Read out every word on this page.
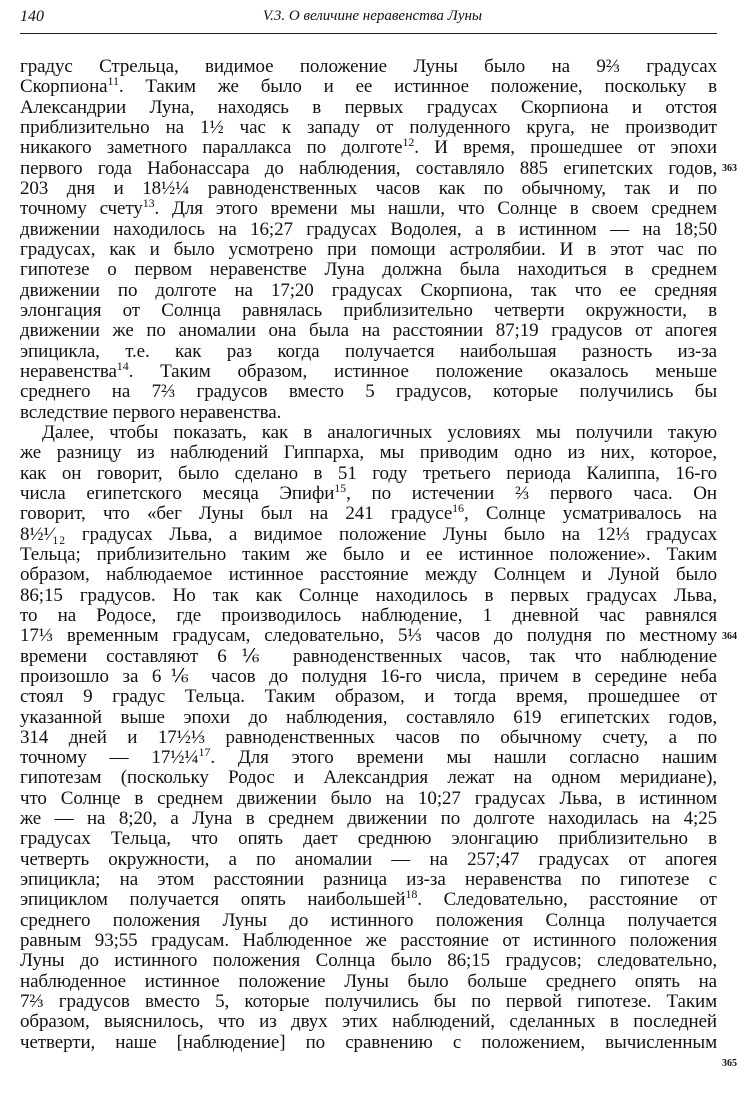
140	V.3. О величине неравенства Луны
градус Стрельца, видимое положение Луны было на 9⅔ градусах
Скорпиона$^{11}$. Таким же было и ее истинное положение, поскольку в
Александрии Луна, находясь в первых градусах Скорпиона и отстоя
приблизительно на 1½ час к западу от полуденного круга, не производит
никакого заметного параллакса по долготе$^{12}$. И время, прошедшее от эпохи
первого года Набонассара до наблюдения, составляло 885 египетских годов,
203 дня и 18½¼ равноденственных часов как по обычному, так и по
точному счету$^{13}$. Для этого времени мы нашли, что Солнце в своем среднем
движении находилось на 16;27 градусах Водолея, а в истинном — на 18;50
градусах, как и было усмотрено при помощи астролябии. И в этот час по
гипотезе о первом неравенстве Луна должна была находиться в среднем
движении по долготе на 17;20 градусах Скорпиона, так что ее средняя
элонгация от Солнца равнялась приблизительно четверти окружности, в
движении же по аномалии она была на расстоянии 87;19 градусов от апогея
эпицикла, т.е. как раз когда получается наибольшая разность из-за
неравенства$^{14}$. Таким образом, истинное положение оказалось меньше
среднего на 7⅔ градусов вместо 5 градусов, которые получились бы
вследствие первого неравенства.
Далее, чтобы показать, как в аналогичных условиях мы получили такую
же разницу из наблюдений Гиппарха, мы приводим одно из них, которое,
как он говорит, было сделано в 51 году третьего периода Калиппа, 16-го
числа египетского месяца Эпифи$^{15}$, по истечении ⅔ первого часа. Он
говорит, что «бег Луны был на 241 градусе$^{16}$, Солнце усматривалось на
8½¹⁄₁₂ градусах Льва, а видимое положение Луны было на 12⅓ градусах
Тельца; приблизительно таким же было и ее истинное положение». Таким
образом, наблюдаемое истинное расстояние между Солнцем и Луной было
86;15 градусов. Но так как Солнце находилось в первых градусах Льва,
то на Родосе, где производилось наблюдение, 1 дневной час равнялся
17⅓ временным градусам, следовательно, 5⅓ часов до полудня по местному
времени составляют 6⅙ равноденственных часов, так что наблюдение
произошло за 6⅙ часов до полудня 16-го числа, причем в середине неба
стоял 9 градус Тельца. Таким образом, и тогда время, прошедшее от
указанной выше эпохи до наблюдения, составляло 619 египетских годов,
314 дней и 17½⅓ равноденственных часов по обычному счету, а по
точному — 17½¼$^{17}$. Для этого времени мы нашли согласно нашим
гипотезам (поскольку Родос и Александрия лежат на одном меридиане),
что Солнце в среднем движении было на 10;27 градусах Льва, в истинном
же — на 8;20, а Луна в среднем движении по долготе находилась на 4;25
градусах Тельца, что опять дает среднюю элонгацию приблизительно в
четверть окружности, а по аномалии — на 257;47 градусах от апогея
эпицикла; на этом расстоянии разница из-за неравенства по гипотезе с
эпициклом получается опять наибольшей$^{18}$. Следовательно, расстояние от
среднего положения Луны до истинного положения Солнца получается
равным 93;55 градусам. Наблюденное же расстояние от истинного положения
Луны до истинного положения Солнца было 86;15 градусов; следовательно,
наблюденное истинное положение Луны было больше среднего опять на
7⅔ градусов вместо 5, которые получились бы по первой гипотезе. Таким
образом, выяснилось, что из двух этих наблюдений, сделанных в последней
четверти, наше [наблюдение] по сравнению с положением, вычисленным
363
364
365
